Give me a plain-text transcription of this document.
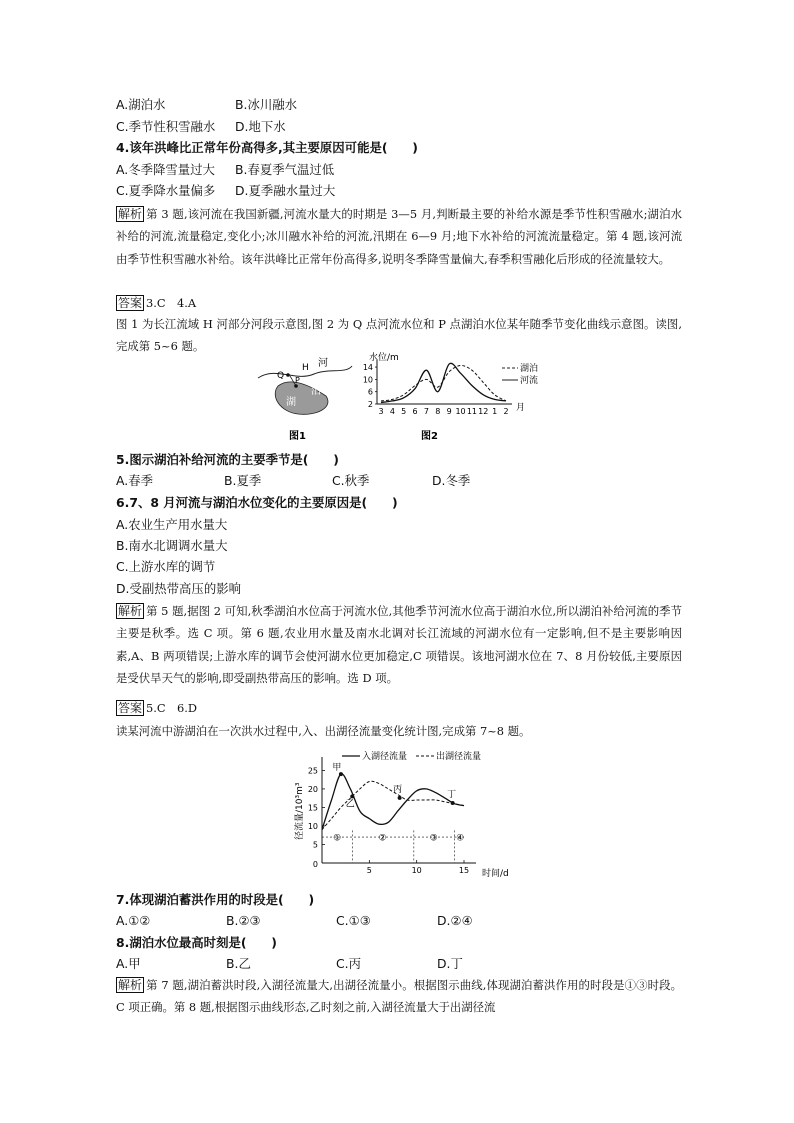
A.湖泊水	B.冰川融水
C.季节性积雪融水	D.地下水
4.该年洪峰比正常年份高得多,其主要原因可能是(　　)
A.冬季降雪量过大	B.春夏季气温过低
C.夏季降水量偏多	D.夏季融水量过大
解析 第 3 题,该河流在我国新疆,河流水量大的时期是 3—5 月,判断最主要的补给水源是季节性积雪融水;湖泊水补给的河流,流量稳定,变化小;冰川融水补给的河流,汛期在 6—9 月;地下水补给的河流流量稳定。第 4 题,该河流由季节性积雪融水补给。该年洪峰比正常年份高得多,说明冬季降雪量偏大,春季积雪融化后形成的径流量较大。
答案 3.C　4.A
图 1 为长江流域 H 河部分河段示意图,图 2 为 Q 点河流水位和 P 点湖泊水位某年随季节变化曲线示意图。读图,完成第 5~6 题。
河
Q
H
P
湖
泊
图1
水位/m
2
6
10
14
3 4 5 6 7 8 9 10 11 12 1 2 月
湖泊
河流
图2
5.图示湖泊补给河流的主要季节是(　　)
A.春季	B.夏季	C.秋季	D.冬季
6.7、8 月河流与湖泊水位变化的主要原因是(　　)
A.农业生产用水量大
B.南水北调调水量大
C.上游水库的调节
D.受副热带高压的影响
解析 第 5 题,据图 2 可知,秋季湖泊水位高于河流水位,其他季节河流水位高于湖泊水位,所以湖泊补给河流的季节主要是秋季。选 C 项。第 6 题,农业用水量及南水北调对长江流域的河湖水位有一定影响,但不是主要影响因素,A、B 两项错误;上游水库的调节会使河湖水位更加稳定,C 项错误。该地河湖水位在 7、8 月份较低,主要原因是受伏旱天气的影响,即受副热带高压的影响。选 D 项。
答案 5.C　6.D
读某河流中游湖泊在一次洪水过程中,入、出湖径流量变化统计图,完成第 7~8 题。
入湖径流量	出湖径流量
径流量/10³m³
0
5
10
15
20
25
5	10	15
①	②	③ ④
甲
乙
丙
丁
时间/d
7.体现湖泊蓄洪作用的时段是(　　)
A.①②	B.②③	C.①③	D.②④
8.湖泊水位最高时刻是(　　)
A.甲	B.乙	C.丙	D.丁
解析 第 7 题,湖泊蓄洪时段,入湖径流量大,出湖径流量小。根据图示曲线,体现湖泊蓄洪作用的时段是①③时段。C 项正确。第 8 题,根据图示曲线形态,乙时刻之前,入湖径流量大于出湖径流
